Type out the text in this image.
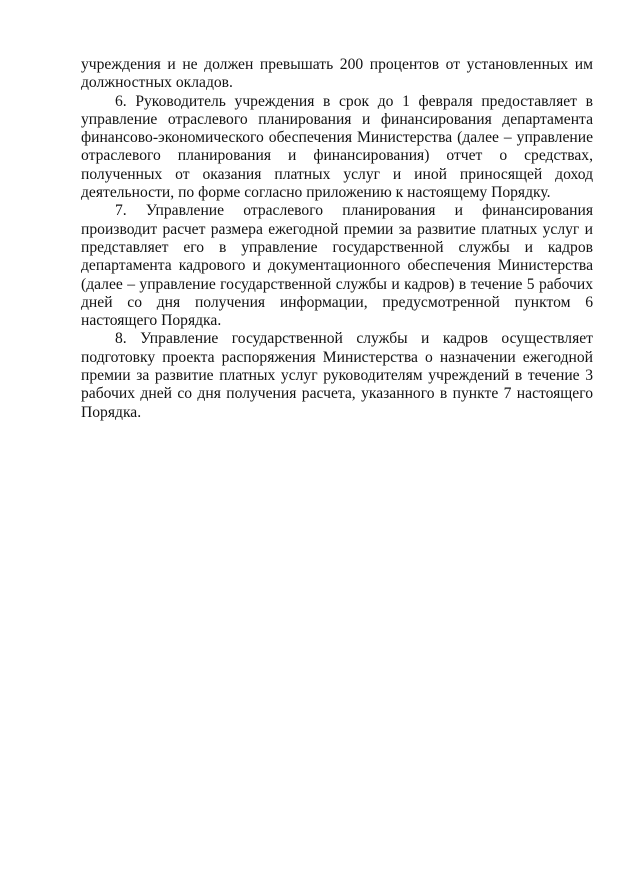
учреждения и не должен превышать 200 процентов от установленных им должностных окладов.

6. Руководитель учреждения в срок до 1 февраля предоставляет в управление отраслевого планирования и финансирования департамента финансово-экономического обеспечения Министерства (далее – управление отраслевого планирования и финансирования) отчет о средствах, полученных от оказания платных услуг и иной приносящей доход деятельности, по форме согласно приложению к настоящему Порядку.

7. Управление отраслевого планирования и финансирования производит расчет размера ежегодной премии за развитие платных услуг и представляет его в управление государственной службы и кадров департамента кадрового и документационного обеспечения Министерства (далее – управление государственной службы и кадров) в течение 5 рабочих дней со дня получения информации, предусмотренной пунктом 6 настоящего Порядка.

8. Управление государственной службы и кадров осуществляет подготовку проекта распоряжения Министерства о назначении ежегодной премии за развитие платных услуг руководителям учреждений в течение 3 рабочих дней со дня получения расчета, указанного в пункте 7 настоящего Порядка.
